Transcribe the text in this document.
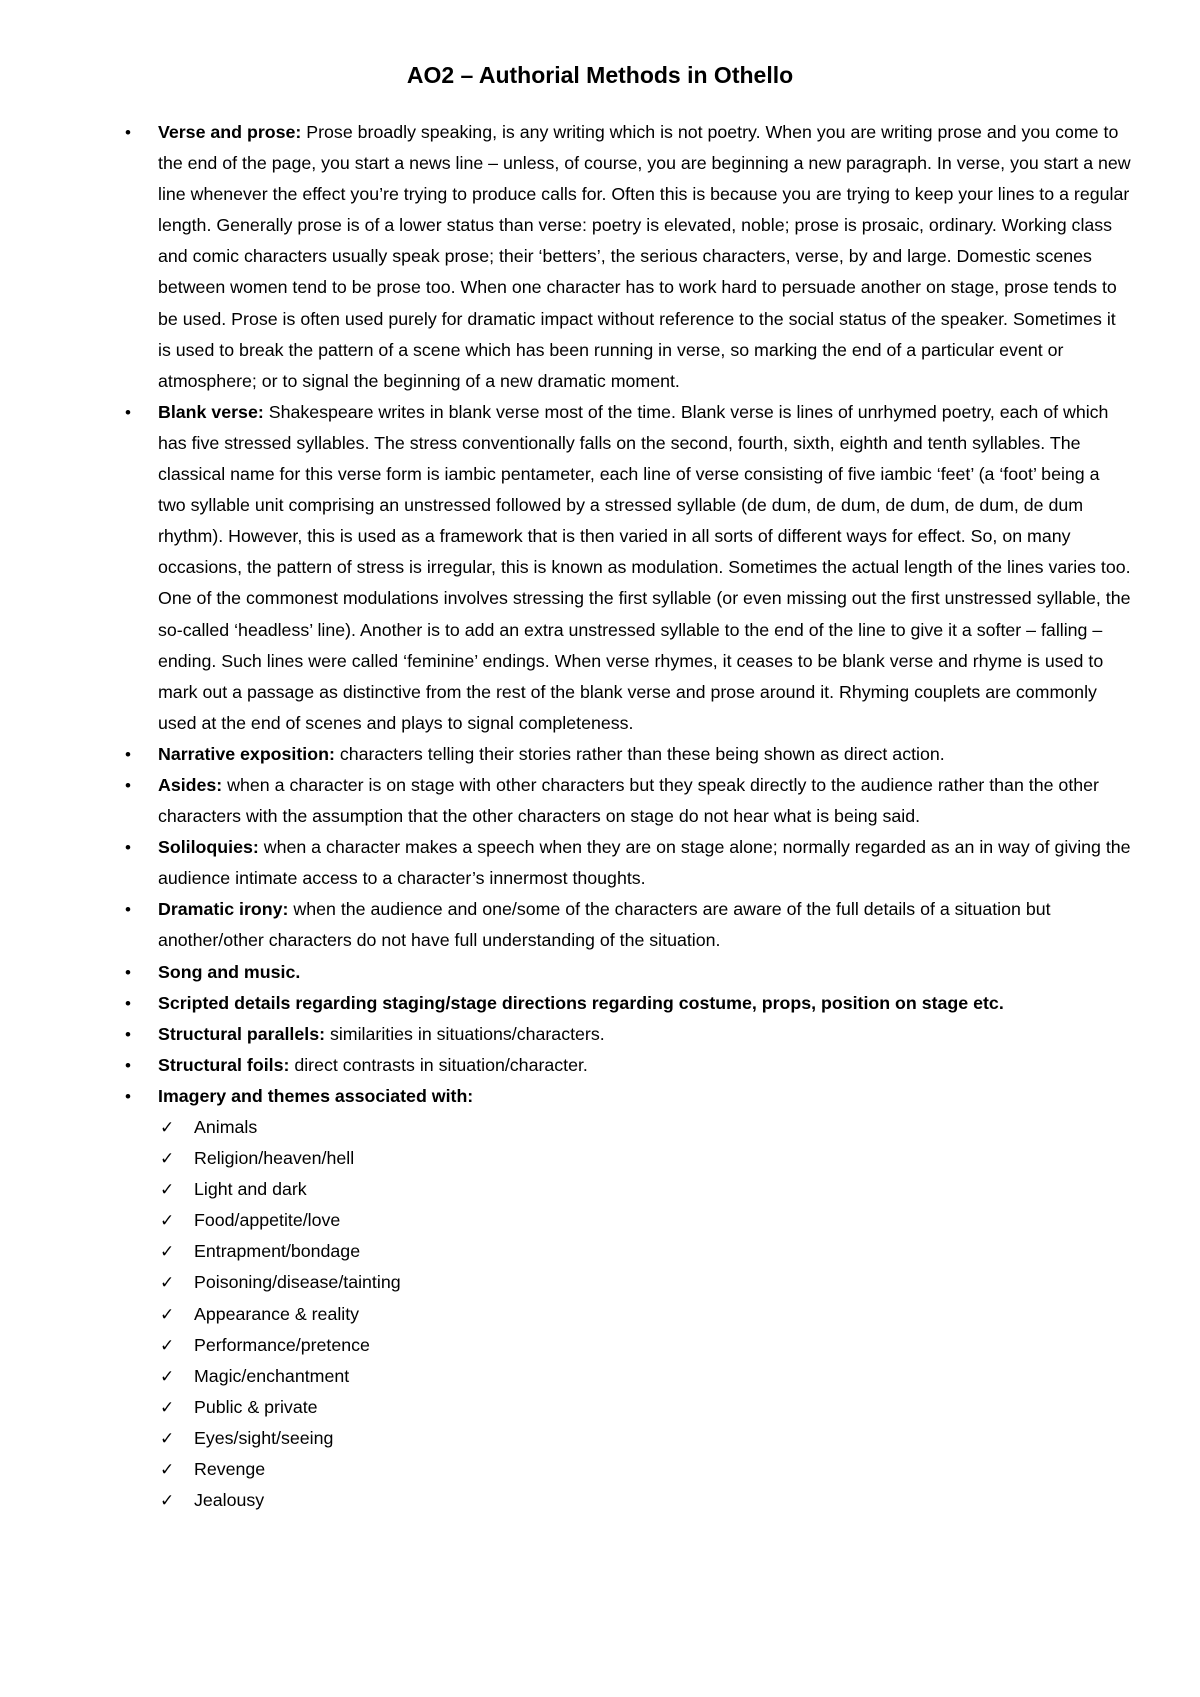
AO2 – Authorial Methods in Othello
• Verse and prose: Prose broadly speaking, is any writing which is not poetry. When you are writing prose and you come to the end of the page, you start a news line – unless, of course, you are beginning a new paragraph. In verse, you start a new line whenever the effect you’re trying to produce calls for. Often this is because you are trying to keep your lines to a regular length. Generally prose is of a lower status than verse: poetry is elevated, noble; prose is prosaic, ordinary. Working class and comic characters usually speak prose; their ‘betters’, the serious characters, verse, by and large. Domestic scenes between women tend to be prose too. When one character has to work hard to persuade another on stage, prose tends to be used. Prose is often used purely for dramatic impact without reference to the social status of the speaker. Sometimes it is used to break the pattern of a scene which has been running in verse, so marking the end of a particular event or atmosphere; or to signal the beginning of a new dramatic moment.
• Blank verse: Shakespeare writes in blank verse most of the time. Blank verse is lines of unrhymed poetry, each of which has five stressed syllables. The stress conventionally falls on the second, fourth, sixth, eighth and tenth syllables. The classical name for this verse form is iambic pentameter, each line of verse consisting of five iambic ‘feet’ (a ‘foot’ being a two syllable unit comprising an unstressed followed by a stressed syllable (de dum, de dum, de dum, de dum, de dum rhythm). However, this is used as a framework that is then varied in all sorts of different ways for effect. So, on many occasions, the pattern of stress is irregular, this is known as modulation. Sometimes the actual length of the lines varies too. One of the commonest modulations involves stressing the first syllable (or even missing out the first unstressed syllable, the so-called ‘headless’ line). Another is to add an extra unstressed syllable to the end of the line to give it a softer – falling –ending. Such lines were called ‘feminine’ endings. When verse rhymes, it ceases to be blank verse and rhyme is used to mark out a passage as distinctive from the rest of the blank verse and prose around it. Rhyming couplets are commonly used at the end of scenes and plays to signal completeness.
• Narrative exposition: characters telling their stories rather than these being shown as direct action.
• Asides: when a character is on stage with other characters but they speak directly to the audience rather than the other characters with the assumption that the other characters on stage do not hear what is being said.
• Soliloquies: when a character makes a speech when they are on stage alone; normally regarded as an in way of giving the audience intimate access to a character’s innermost thoughts.
• Dramatic irony: when the audience and one/some of the characters are aware of the full details of a situation but another/other characters do not have full understanding of the situation.
• Song and music.
• Scripted details regarding staging/stage directions regarding costume, props, position on stage etc.
• Structural parallels: similarities in situations/characters.
• Structural foils: direct contrasts in situation/character.
• Imagery and themes associated with:
✓ Animals
✓ Religion/heaven/hell
✓ Light and dark
✓ Food/appetite/love
✓ Entrapment/bondage
✓ Poisoning/disease/tainting
✓ Appearance & reality
✓ Performance/pretence
✓ Magic/enchantment
✓ Public & private
✓ Eyes/sight/seeing
✓ Revenge
✓ Jealousy
